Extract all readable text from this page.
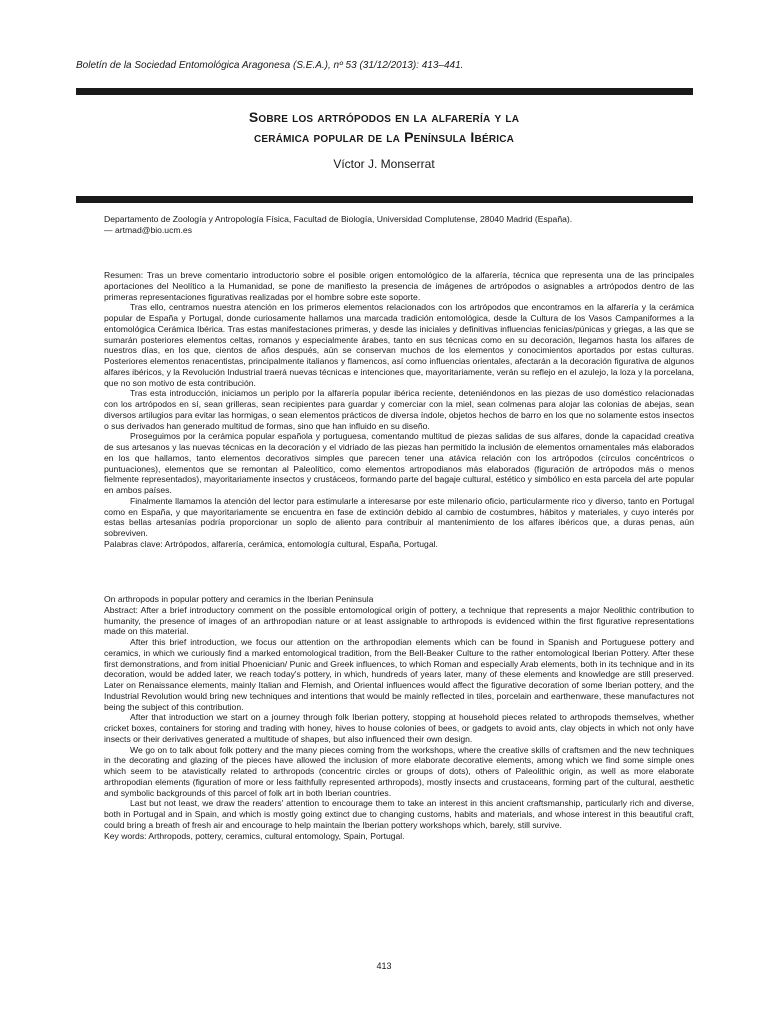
Boletín de la Sociedad Entomológica Aragonesa (S.E.A.), nº 53 (31/12/2013): 413–441.
Sobre los artrópodos en la alfarería y la
cerámica popular de la Península Ibérica
Víctor J. Monserrat
Departamento de Zoología y Antropología Física, Facultad de Biología, Universidad Complutense, 28040 Madrid (España).
— artmad@bio.ucm.es

Resumen: Tras un breve comentario introductorio sobre el posible origen entomológico de la alfarería, técnica que representa una de las principales aportaciones del Neolítico a la Humanidad, se pone de manifiesto la presencia de imágenes de artrópodos o asignables a artrópodos dentro de las primeras representaciones figurativas realizadas por el hombre sobre este soporte.

Tras ello, centramos nuestra atención en los primeros elementos relacionados con los artrópodos que encontramos en la alfarería y la cerámica popular de España y Portugal, donde curiosamente hallamos una marcada tradición entomológica, desde la Cultura de los Vasos Campaniformes a la entomológica Cerámica Ibérica. Tras estas manifestaciones primeras, y desde las iniciales y definitivas influencias fenicias/púnicas y griegas, a las que se sumarán posteriores elementos celtas, romanos y especialmente árabes, tanto en sus técnicas como en su decoración, llegamos hasta los alfares de nuestros días, en los que, cientos de años después, aún se conservan muchos de los elementos y conocimientos aportados por estas culturas. Posteriores elementos renacentistas, principalmente italianos y flamencos, así como influencias orientales, afectarán a la decoración figurativa de algunos alfares ibéricos, y la Revolución Industrial traerá nuevas técnicas e intenciones que, mayoritariamente, verán su reflejo en el azulejo, la loza y la porcelana, que no son motivo de esta contribución.

Tras esta introducción, iniciamos un periplo por la alfarería popular ibérica reciente, deteniéndonos en las piezas de uso doméstico relacionadas con los artrópodos en sí, sean grilleras, sean recipientes para guardar y comerciar con la miel, sean colmenas para alojar las colonias de abejas, sean diversos artilugios para evitar las hormigas, o sean elementos prácticos de diversa índole, objetos hechos de barro en los que no solamente estos insectos o sus derivados han generado multitud de formas, sino que han influido en su diseño.

Proseguimos por la cerámica popular española y portuguesa, comentando multitud de piezas salidas de sus alfares, donde la capacidad creativa de sus artesanos y las nuevas técnicas en la decoración y el vidriado de las piezas han permitido la inclusión de elementos ornamentales más elaborados en los que hallamos, tanto elementos decorativos simples que parecen tener una atávica relación con los artrópodos (círculos concéntricos o puntuaciones), elementos que se remontan al Paleolítico, como elementos artropodianos más elaborados (figuración de artrópodos más o menos fielmente representados), mayoritariamente insectos y crustáceos, formando parte del bagaje cultural, estético y simbólico en esta parcela del arte popular en ambos países.

Finalmente llamamos la atención del lector para estimularle a interesarse por este milenario oficio, particularmente rico y diverso, tanto en Portugal como en España, y que mayoritariamente se encuentra en fase de extinción debido al cambio de costumbres, hábitos y materiales, y cuyo interés por estas bellas artesanías podría proporcionar un soplo de aliento para contribuir al mantenimiento de los alfares ibéricos que, a duras penas, aún sobreviven.

Palabras clave: Artrópodos, alfarería, cerámica, entomología cultural, España, Portugal.

On arthropods in popular pottery and ceramics in the Iberian Peninsula

Abstract: After a brief introductory comment on the possible entomological origin of pottery, a technique that represents a major Neolithic contribution to humanity, the presence of images of an arthropodian nature or at least assignable to arthropods is evidenced within the first figurative representations made on this material.

After this brief introduction, we focus our attention on the arthropodian elements which can be found in Spanish and Portuguese pottery and ceramics, in which we curiously find a marked entomological tradition, from the Bell-Beaker Culture to the rather entomological Iberian Pottery. After these first demonstrations, and from initial Phoenician/ Punic and Greek influences, to which Roman and especially Arab elements, both in its technique and in its decoration, would be added later, we reach today's pottery, in which, hundreds of years later, many of these elements and knowledge are still preserved. Later on Renaissance elements, mainly Italian and Flemish, and Oriental influences would affect the figurative decoration of some Iberian pottery, and the Industrial Revolution would bring new techniques and intentions that would be mainly reflected in tiles, porcelain and earthenware, these manufactures not being the subject of this contribution.

After that introduction we start on a journey through folk Iberian pottery, stopping at household pieces related to arthropods themselves, whether cricket boxes, containers for storing and trading with honey, hives to house colonies of bees, or gadgets to avoid ants, clay objects in which not only have insects or their derivatives generated a multitude of shapes, but also influenced their own design.

We go on to talk about folk pottery and the many pieces coming from the workshops, where the creative skills of craftsmen and the new techniques in the decorating and glazing of the pieces have allowed the inclusion of more elaborate decorative elements, among which we find some simple ones which seem to be atavistically related to arthropods (concentric circles or groups of dots), others of Paleolithic origin, as well as more elaborate arthropodian elements (figuration of more or less faithfully represented arthropods), mostly insects and crustaceans, forming part of the cultural, aesthetic and symbolic backgrounds of this parcel of folk art in both Iberian countries.

Last but not least, we draw the readers' attention to encourage them to take an interest in this ancient craftsmanship, particularly rich and diverse, both in Portugal and in Spain, and which is mostly going extinct due to changing customs, habits and materials, and whose interest in this beautiful craft, could bring a breath of fresh air and encourage to help maintain the Iberian pottery workshops which, barely, still survive.

Key words: Arthropods, pottery, ceramics, cultural entomology, Spain, Portugal.

413
